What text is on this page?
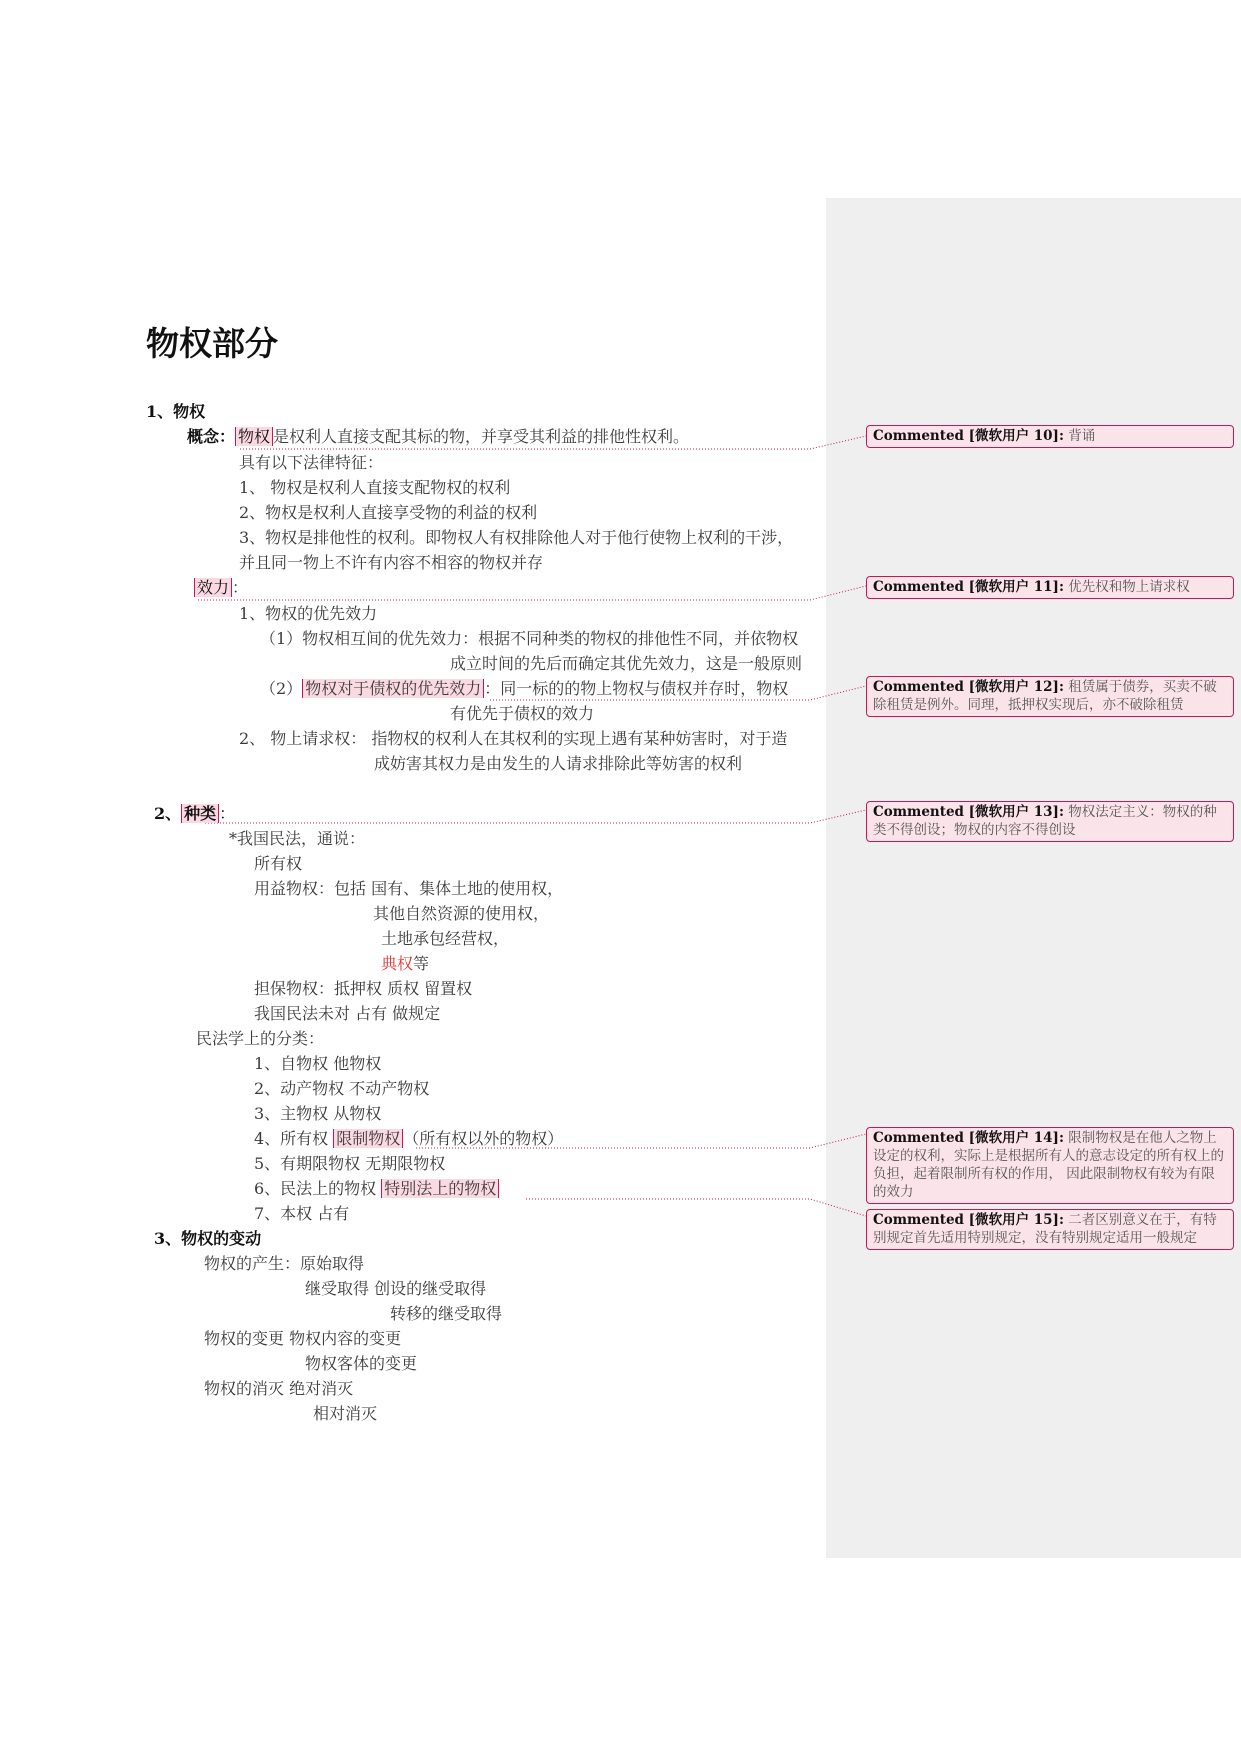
物权部分
1、物权
概念： 物权 是权利人直接支配其标的物，并享受其利益的排他性权利。
具有以下法律特征：
1、 物权是权利人直接支配物权的权利
2、物权是权利人直接享受物的利益的权利
3、物权是排他性的权利。即物权人有权排除他人对于他行使物上权利的干涉，
并且同一物上不许有内容不相容的物权并存
效力 ：
1、物权的优先效力
（1）物权相互间的优先效力：根据不同种类的物权的排他性不同，并依物权
成立时间的先后而确定其优先效力，这是一般原则
（2） 物权对于债权的优先效力 ：同一标的的物上物权与债权并存时，物权
有优先于债权的效力
2、 物上请求权： 指物权的权利人在其权利的实现上遇有某种妨害时，对于造
成妨害其权力是由发生的人请求排除此等妨害的权利
2、 种类 ：
*我国民法，通说：
所有权
用益物权：包括 国有、集体土地的使用权，
其他自然资源的使用权，
土地承包经营权，
典权等
担保物权：抵押权 质权 留置权
我国民法未对 占有 做规定
民法学上的分类：
1、自物权 他物权
2、动产物权 不动产物权
3、主物权 从物权
4、所有权 限制物权 （所有权以外的物权）
5、有期限物权 无期限物权
6、民法上的物权 特别法上的物权
7、本权 占有
3、物权的变动
物权的产生：原始取得
继受取得 创设的继受取得
转移的继受取得
物权的变更 物权内容的变更
物权客体的变更
物权的消灭 绝对消灭
相对消灭
Commented [微软用户 10]: 背诵
Commented [微软用户 11]: 优先权和物上请求权
Commented [微软用户 12]: 租赁属于债券，买卖不破除租赁是例外。同理，抵押权实现后，亦不破除租赁
Commented [微软用户 13]: 物权法定主义：物权的种类不得创设；物权的内容不得创设
Commented [微软用户 14]: 限制物权是在他人之物上设定的权利，实际上是根据所有人的意志设定的所有权上的负担，起着限制所有权的作用， 因此限制物权有较为有限的效力
Commented [微软用户 15]: 二者区别意义在于，有特别规定首先适用特别规定，没有特别规定适用一般规定
